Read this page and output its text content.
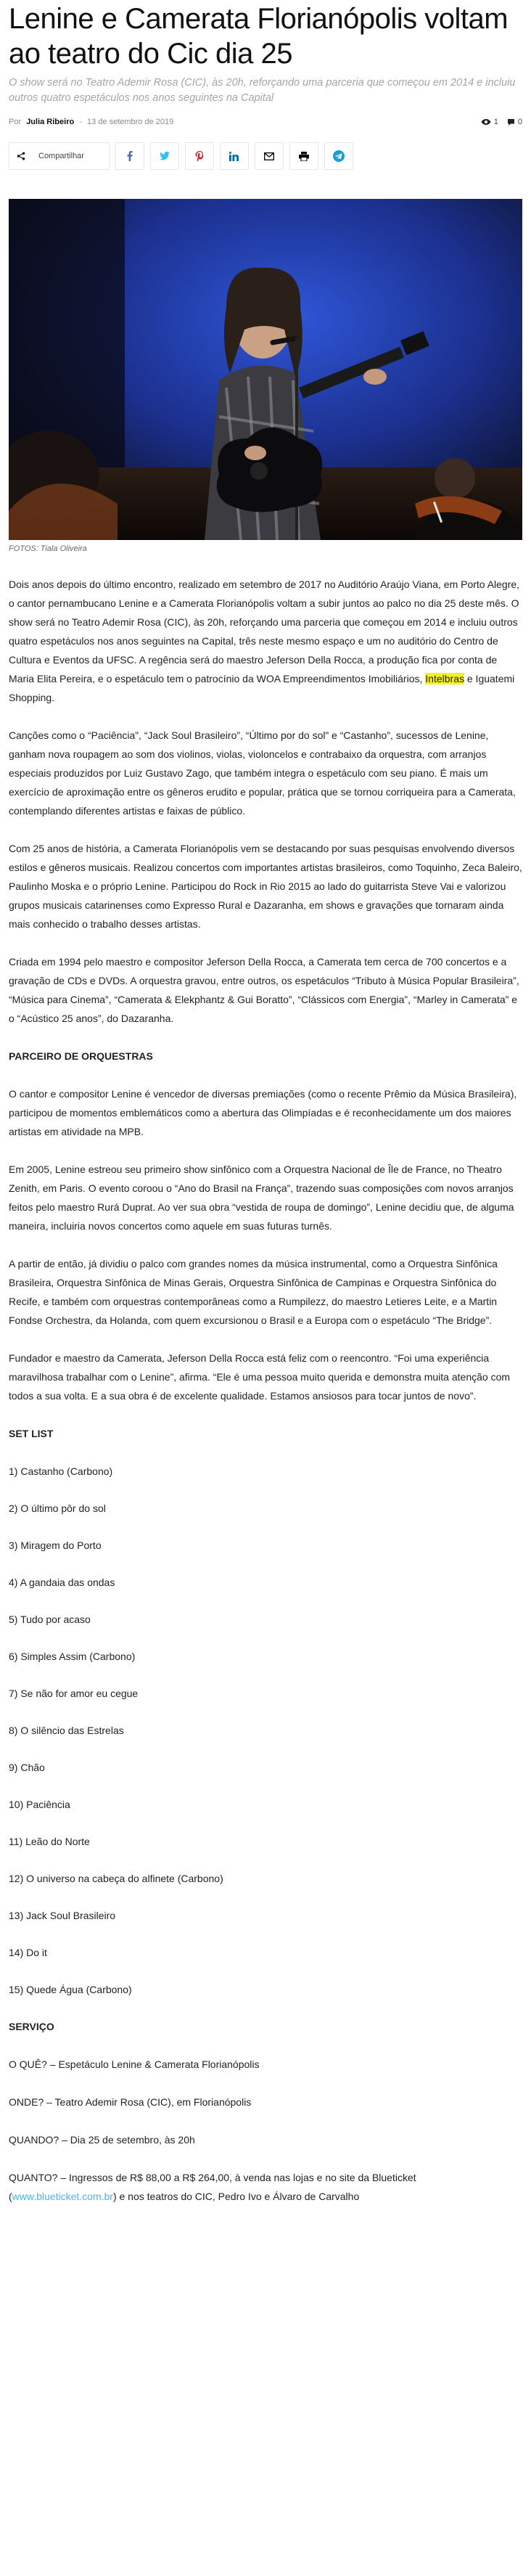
Lenine e Camerata Florianópolis voltam ao teatro do Cic dia 25
O show será no Teatro Ademir Rosa (CIC), às 20h, reforçando uma parceria que começou em 2014 e incluiu outros quatro espetáculos nos anos seguintes na Capital
Por Julia Ribeiro - 13 de setembro de 2019	1 0
Compartilhar
FOTOS: Tiala Oliveira

Dois anos depois do último encontro, realizado em setembro de 2017 no Auditório Araújo Viana, em Porto Alegre, o cantor pernambucano Lenine e a Camerata Florianópolis voltam a subir juntos ao palco no dia 25 deste mês. O show será no Teatro Ademir Rosa (CIC), às 20h, reforçando uma parceria que começou em 2014 e incluiu outros quatro espetáculos nos anos seguintes na Capital, três neste mesmo espaço e um no auditório do Centro de Cultura e Eventos da UFSC. A regência será do maestro Jeferson Della Rocca, a produção fica por conta de Maria Elita Pereira, e o espetáculo tem o patrocínio da WOA Empreendimentos Imobiliários, Intelbras e Iguatemi Shopping.

Canções como o “Paciência”, “Jack Soul Brasileiro”, “Último por do sol” e “Castanho”, sucessos de Lenine, ganham nova roupagem ao som dos violinos, violas, violoncelos e contrabaixo da orquestra, com arranjos especiais produzidos por Luiz Gustavo Zago, que também integra o espetáculo com seu piano. É mais um exercício de aproximação entre os gêneros erudito e popular, prática que se tornou corriqueira para a Camerata, contemplando diferentes artistas e faixas de público.

Com 25 anos de história, a Camerata Florianópolis vem se destacando por suas pesquisas envolvendo diversos estilos e gêneros musicais. Realizou concertos com importantes artistas brasileiros, como Toquinho, Zeca Baleiro, Paulinho Moska e o próprio Lenine. Participou do Rock in Rio 2015 ao lado do guitarrista Steve Vai e valorizou grupos musicais catarinenses como Expresso Rural e Dazaranha, em shows e gravações que tornaram ainda mais conhecido o trabalho desses artistas.

Criada em 1994 pelo maestro e compositor Jeferson Della Rocca, a Camerata tem cerca de 700 concertos e a gravação de CDs e DVDs. A orquestra gravou, entre outros, os espetáculos “Tributo à Música Popular Brasileira”, “Música para Cinema”, “Camerata & Elekphantz & Gui Boratto”, “Clássicos com Energia”, “Marley in Camerata” e o “Acústico 25 anos”, do Dazaranha.

PARCEIRO DE ORQUESTRAS

O cantor e compositor Lenine é vencedor de diversas premiações (como o recente Prêmio da Música Brasileira), participou de momentos emblemáticos como a abertura das Olimpíadas e é reconhecidamente um dos maiores artistas em atividade na MPB.

Em 2005, Lenine estreou seu primeiro show sinfônico com a Orquestra Nacional de Île de France, no Theatro Zenith, em Paris. O evento coroou o “Ano do Brasil na França”, trazendo suas composições com novos arranjos feitos pelo maestro Rurá Duprat. Ao ver sua obra “vestida de roupa de domingo”, Lenine decidiu que, de alguma maneira, incluiria novos concertos como aquele em suas futuras turnês.

A partir de então, já dividiu o palco com grandes nomes da música instrumental, como a Orquestra Sinfônica Brasileira, Orquestra Sinfônica de Minas Gerais, Orquestra Sinfônica de Campinas e Orquestra Sinfônica do Recife, e também com orquestras contemporâneas como a Rumpilezz, do maestro Letieres Leite, e a Martin Fondse Orchestra, da Holanda, com quem excursionou o Brasil e a Europa com o espetáculo “The Bridge”.

Fundador e maestro da Camerata, Jeferson Della Rocca está feliz com o reencontro. “Foi uma experiência maravilhosa trabalhar com o Lenine”, afirma. “Ele é uma pessoa muito querida e demonstra muita atenção com todos a sua volta. E a sua obra é de excelente qualidade. Estamos ansiosos para tocar juntos de novo”.

SET LIST

1) Castanho (Carbono)

2) O último pôr do sol

3) Miragem do Porto

4) A gandaia das ondas

5) Tudo por acaso

6) Simples Assim (Carbono)

7) Se não for amor eu cegue

8) O silêncio das Estrelas

9) Chão

10) Paciência

11) Leão do Norte

12) O universo na cabeça do alfinete (Carbono)

13) Jack Soul Brasileiro

14) Do it

15) Quede Água (Carbono)

SERVIÇO

O QUÊ? – Espetáculo Lenine & Camerata Florianópolis

ONDE? – Teatro Ademir Rosa (CIC), em Florianópolis

QUANDO? – Dia 25 de setembro, às 20h

QUANTO? – Ingressos de R$ 88,00 a R$ 264,00, à venda nas lojas e no site da Blueticket (www.blueticket.com.br) e nos teatros do CIC, Pedro Ivo e Álvaro de Carvalho
